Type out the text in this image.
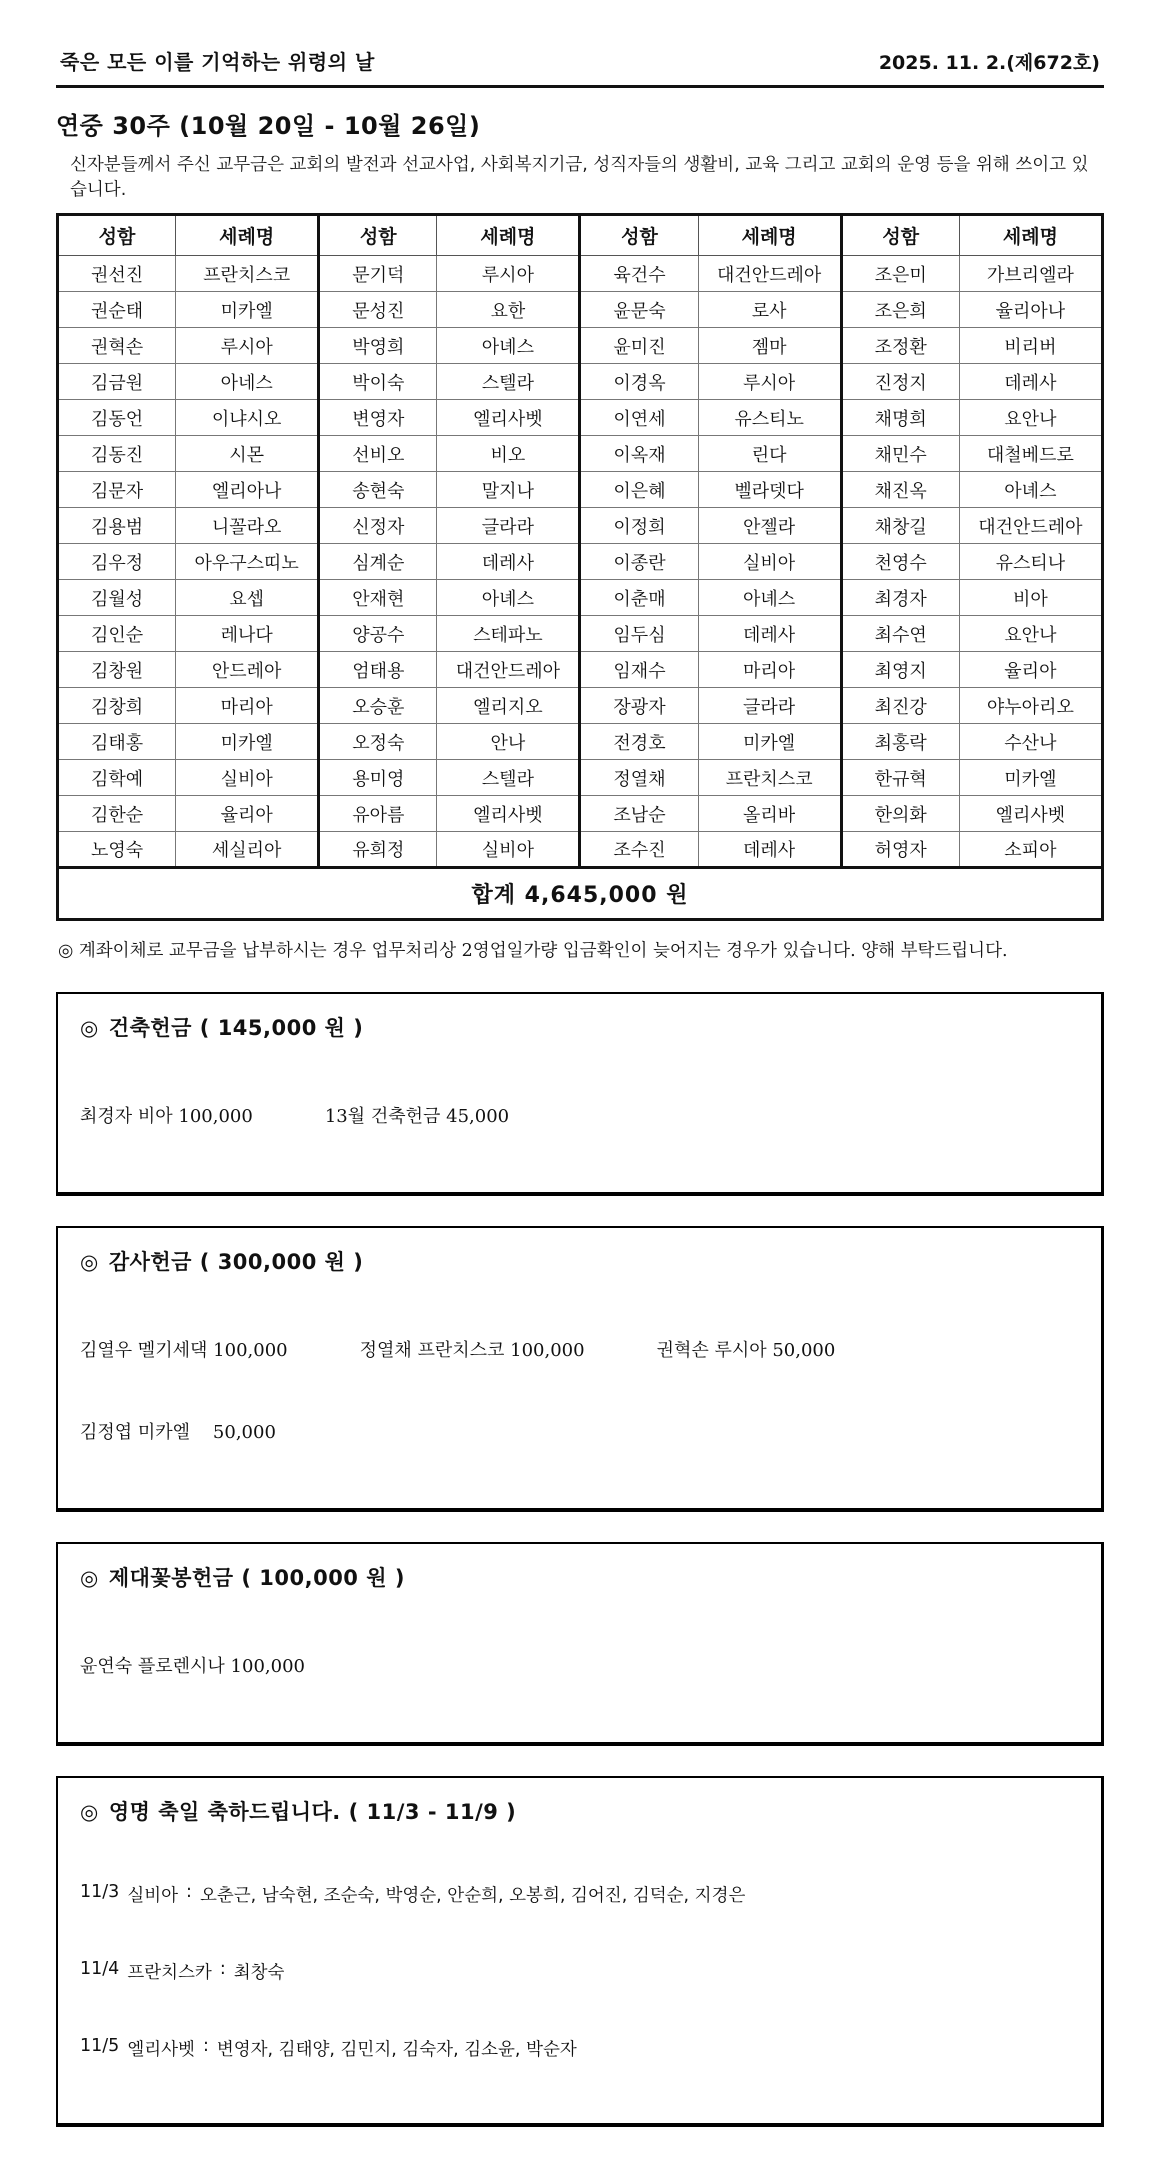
죽은 모든 이를 기억하는 위령의 날	2025. 11. 2.(제672호)
연중 30주 (10월 20일 - 10월 26일)
신자분들께서 주신 교무금은 교회의 발전과 선교사업, 사회복지기금, 성직자들의 생활비, 교육 그리고 교회의 운영 등을 위해 쓰이고 있습니다.
성함	세례명	성함	세례명	성함	세례명	성함	세례명
권선진	프란치스코	문기덕	루시아	육건수	대건안드레아	조은미	가브리엘라
권순태	미카엘	문성진	요한	윤문숙	로사	조은희	율리아나
권혁손	루시아	박영희	아녜스	윤미진	젬마	조정환	비리버
김금원	아네스	박이숙	스텔라	이경옥	루시아	진정지	데레사
김동언	이냐시오	변영자	엘리사벳	이연세	유스티노	채명희	요안나
김동진	시몬	선비오	비오	이옥재	린다	채민수	대철베드로
김문자	엘리아나	송현숙	말지나	이은혜	벨라뎃다	채진옥	아녜스
김용범	니꼴라오	신정자	글라라	이정희	안젤라	채창길	대건안드레아
김우정	아우구스띠노	심계순	데레사	이종란	실비아	천영수	유스티나
김월성	요셉	안재현	아녜스	이춘매	아녜스	최경자	비아
김인순	레나다	양공수	스테파노	임두심	데레사	최수연	요안나
김창원	안드레아	엄태용	대건안드레아	임재수	마리아	최영지	율리아
김창희	마리아	오승훈	엘리지오	장광자	글라라	최진강	야누아리오
김태홍	미카엘	오정숙	안나	전경호	미카엘	최홍락	수산나
김학예	실비아	용미영	스텔라	정열채	프란치스코	한규혁	미카엘
김한순	율리아	유아름	엘리사벳	조남순	올리바	한의화	엘리사벳
노영숙	세실리아	유희정	실비아	조수진	데레사	허영자	소피아
합계 4,645,000 원							
◎ 계좌이체로 교무금을 납부하시는 경우 업무처리상 2영업일가량 입금확인이 늦어지는 경우가 있습니다. 양해 부탁드립니다.
◎ 건축헌금 ( 145,000 원 )

최경자 비아 100,000	13월 건축헌금 45,000

◎ 감사헌금 ( 300,000 원 )

김열우 멜기세댁 100,000	정열채 프란치스코 100,000	권혁손 루시아 50,000

김정엽 미카엘    50,000

◎ 제대꽃봉헌금 ( 100,000 원 )

윤연숙 플로렌시나 100,000

◎ 영명 축일 축하드립니다. ( 11/3 - 11/9 )

11/3 실비아 : 오춘근, 남숙현, 조순숙, 박영순, 안순희, 오봉희, 김어진, 김덕순, 지경은

11/4 프란치스카 : 최창숙

11/5 엘리사벳 : 변영자, 김태양, 김민지, 김숙자, 김소윤, 박순자
